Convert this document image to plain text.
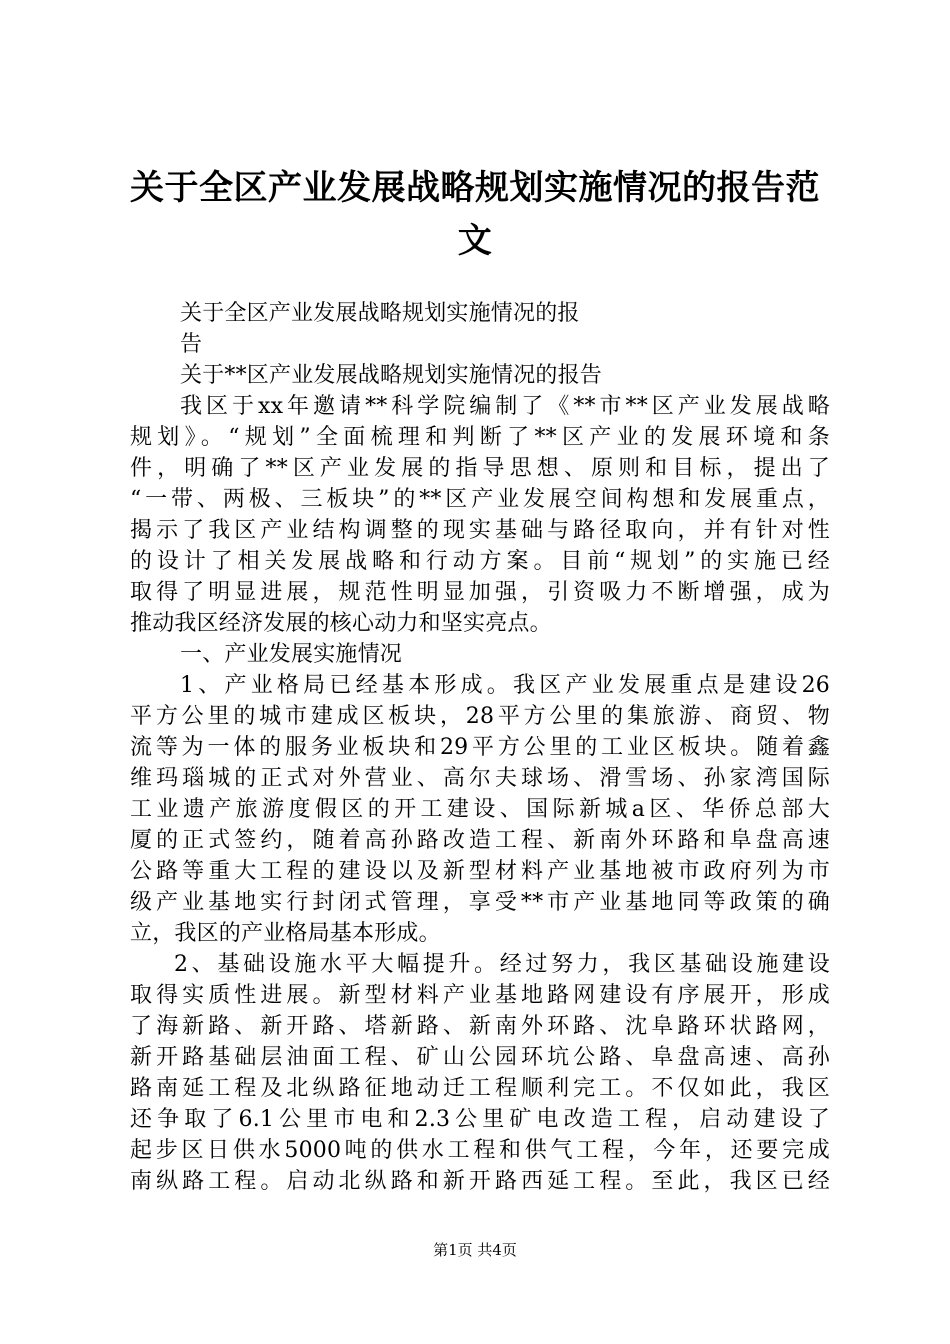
关于全区产业发展战略规划实施情况的报告范
文
关于全区产业发展战略规划实施情况的报
告
关于**区产业发展战略规划实施情况的报告
我区于xx年邀请**科学院编制了《**市**区产业发展战略
规划》。“规划”全面梳理和判断了**区产业的发展环境和条
件，明确了**区产业发展的指导思想、原则和目标，提出了
“一带、两极、三板块”的**区产业发展空间构想和发展重点，
揭示了我区产业结构调整的现实基础与路径取向，并有针对性
的设计了相关发展战略和行动方案。目前“规划”的实施已经
取得了明显进展，规范性明显加强，引资吸力不断增强，成为
推动我区经济发展的核心动力和坚实亮点。
一、产业发展实施情况
1、产业格局已经基本形成。我区产业发展重点是建设26
平方公里的城市建成区板块，28平方公里的集旅游、商贸、物
流等为一体的服务业板块和29平方公里的工业区板块。随着鑫
维玛瑙城的正式对外营业、高尔夫球场、滑雪场、孙家湾国际
工业遗产旅游度假区的开工建设、国际新城a区、华侨总部大
厦的正式签约，随着高孙路改造工程、新南外环路和阜盘高速
公路等重大工程的建设以及新型材料产业基地被市政府列为市
级产业基地实行封闭式管理，享受**市产业基地同等政策的确
立，我区的产业格局基本形成。
2、基础设施水平大幅提升。经过努力，我区基础设施建设
取得实质性进展。新型材料产业基地路网建设有序展开，形成
了海新路、新开路、塔新路、新南外环路、沈阜路环状路网，
新开路基础层油面工程、矿山公园环坑公路、阜盘高速、高孙
路南延工程及北纵路征地动迁工程顺利完工。不仅如此，我区
还争取了6.1公里市电和2.3公里矿电改造工程，启动建设了
起步区日供水5000吨的供水工程和供气工程，今年，还要完成
南纵路工程。启动北纵路和新开路西延工程。至此，我区已经
第1页 共4页
